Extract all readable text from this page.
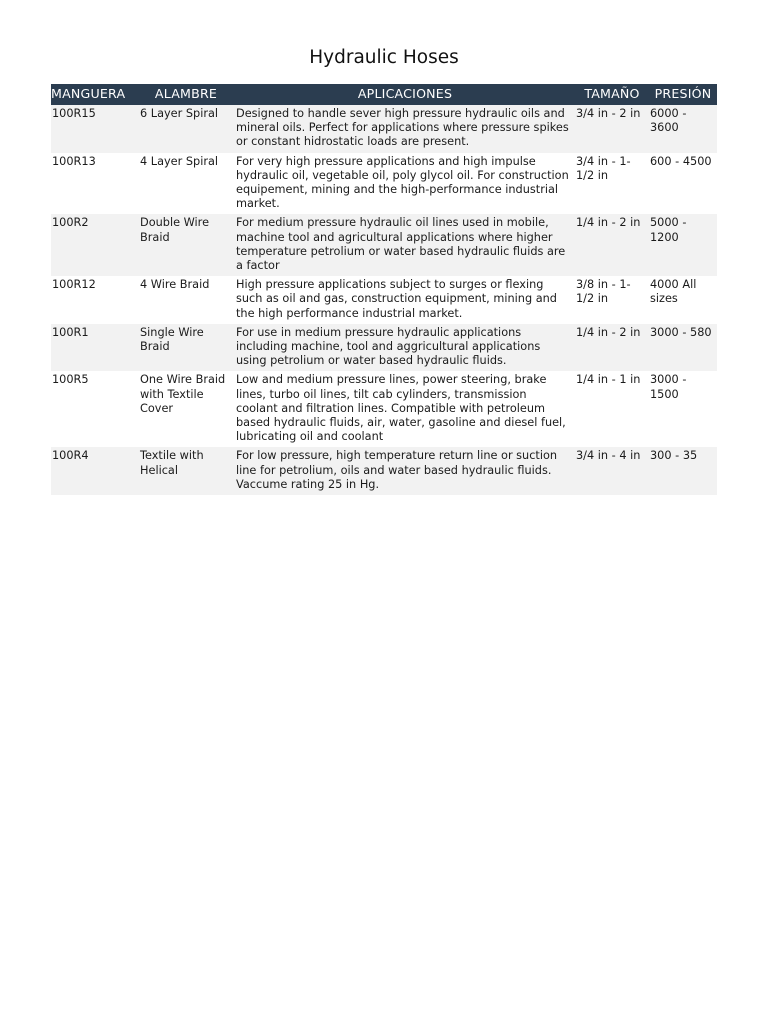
Hydraulic Hoses
MANGUERA	ALAMBRE	APLICACIONES	TAMAÑO	PRESIÓN
100R15	6 Layer Spiral	Designed to handle sever high pressure hydraulic oils and mineral oils. Perfect for applications where pressure spikes or constant hidrostatic loads are present.	3/4 in - 2 in	6000 - 3600
100R13	4 Layer Spiral	For very high pressure applications and high impulse hydraulic oil, vegetable oil, poly glycol oil. For construction equipement, mining and the high-performance industrial market.	3/4 in - 1-1/2 in	600 - 4500
100R2	Double Wire Braid	For medium pressure hydraulic oil lines used in mobile, machine tool and agricultural applications where higher temperature petrolium or water based hydraulic fluids are a factor	1/4 in - 2 in	5000 - 1200
100R12	4 Wire Braid	High pressure applications subject to surges or flexing such as oil and gas, construction equipment, mining and the high performance industrial market.	3/8 in - 1-1/2 in	4000 All sizes
100R1	Single Wire Braid	For use in medium pressure hydraulic applications including machine, tool and aggricultural applications using petrolium or water based hydraulic fluids.	1/4 in - 2 in	3000 - 580
100R5	One Wire Braid with Textile Cover	Low and medium pressure lines, power steering, brake lines, turbo oil lines, tilt cab cylinders, transmission coolant and filtration lines. Compatible with petroleum based hydraulic fluids, air, water, gasoline and diesel fuel, lubricating oil and coolant	1/4 in - 1 in	3000 - 1500
100R4	Textile with Helical	For low pressure, high temperature return line or suction line for petrolium, oils and water based hydraulic fluids. Vaccume rating 25 in Hg.	3/4 in - 4 in	300 - 35
